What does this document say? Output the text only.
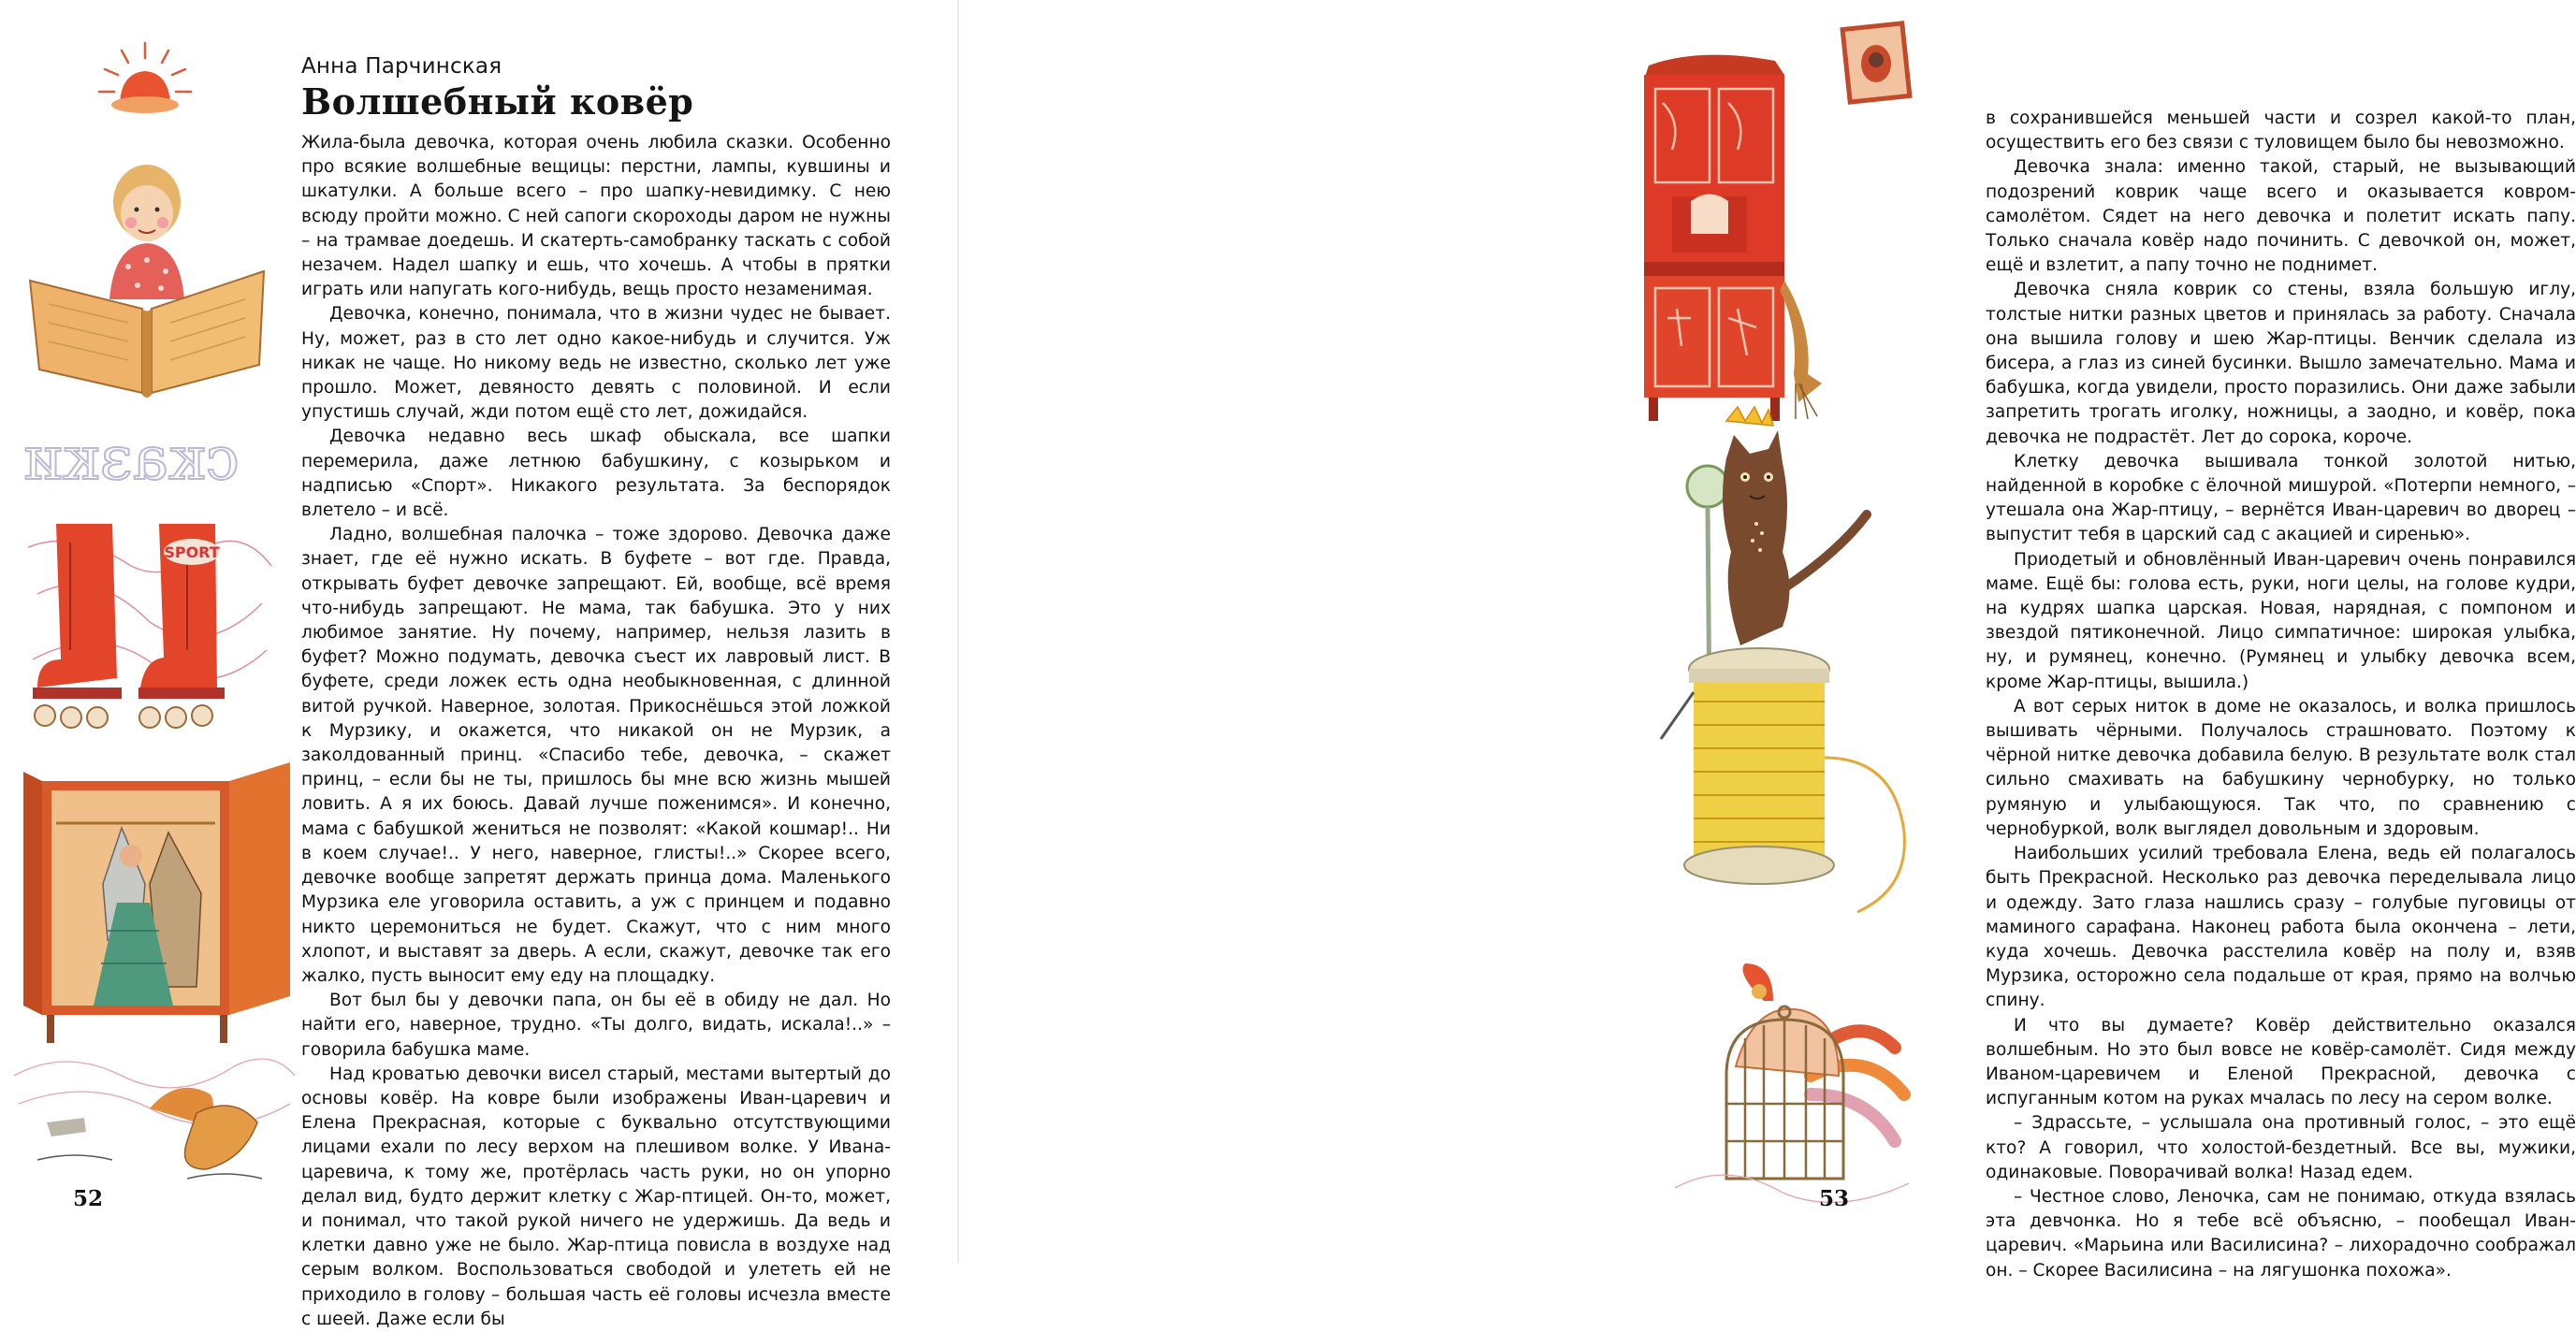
сказки
SPORT
Анна Парчинская
Волшебный ковёр

Жила-была девочка, которая очень любила сказки. Особенно про всякие волшебные вещицы: перстни, лампы, кувшины и шкатулки. А больше всего – про шапку-невидимку. С нею всюду пройти можно. С ней сапоги скороходы даром не нужны – на трамвае доедешь. И скатерть-самобранку таскать с собой незачем. Надел шапку и ешь, что хочешь. А чтобы в прятки играть или напугать кого-нибудь, вещь просто незаменимая.

Девочка, конечно, понимала, что в жизни чудес не бывает. Ну, может, раз в сто лет одно какое-нибудь и случится. Уж никак не чаще. Но никому ведь не известно, сколько лет уже прошло. Может, девяносто девять с половиной. И если упустишь случай, жди потом ещё сто лет, дожидайся.

Девочка недавно весь шкаф обыскала, все шапки перемерила, даже летнюю бабушкину, с козырьком и надписью «Спорт». Никакого результата. За беспорядок влетело – и всё.

Ладно, волшебная палочка – тоже здорово. Девочка даже знает, где её нужно искать. В буфете – вот где. Правда, открывать буфет девочке запрещают. Ей, вообще, всё время что-нибудь запрещают. Не мама, так бабушка. Это у них любимое занятие. Ну почему, например, нельзя лазить в буфет? Можно подумать, девочка съест их лавровый лист. В буфете, среди ложек есть одна необыкновенная, с длинной витой ручкой. Наверное, золотая. Прикоснёшься этой ложкой к Мурзику, и окажется, что никакой он не Мурзик, а заколдованный принц. «Спасибо тебе, девочка, – скажет принц, – если бы не ты, пришлось бы мне всю жизнь мышей ловить. А я их боюсь. Давай лучше поженимся». И конечно, мама с бабушкой жениться не позволят: «Какой кошмар!.. Ни в коем случае!.. У него, наверное, глисты!..» Скорее всего, девочке вообще запретят держать принца дома. Маленького Мурзика еле уговорила оставить, а уж с принцем и подавно никто церемониться не будет. Скажут, что с ним много хлопот, и выставят за дверь. А если, скажут, девочке так его жалко, пусть выносит ему еду на площадку.

Вот был бы у девочки папа, он бы её в обиду не дал. Но найти его, наверное, трудно. «Ты долго, видать, искала!..» – говорила бабушка маме.

Над кроватью девочки висел старый, местами вытертый до основы ковёр. На ковре были изображены Иван-царевич и Елена Прекрасная, которые с буквально отсутствующими лицами ехали по лесу верхом на плешивом волке. У Ивана-царевича, к тому же, протёрлась часть руки, но он упорно делал вид, будто держит клетку с Жар-птицей. Он-то, может, и понимал, что такой рукой ничего не удержишь. Да ведь и клетки давно уже не было. Жар-птица повисла в воздухе над серым волком. Воспользоваться свободой и улететь ей не приходило в голову – большая часть её головы исчезла вместе с шеей. Даже если бы

52

в сохранившейся меньшей части и созрел какой-то план, осуществить его без связи с туловищем было бы невозможно.

Девочка знала: именно такой, старый, не вызывающий подозрений коврик чаще всего и оказывается ковром-самолётом. Сядет на него девочка и полетит искать папу. Только сначала ковёр надо починить. С девочкой он, может, ещё и взлетит, а папу точно не поднимет.

Девочка сняла коврик со стены, взяла большую иглу, толстые нитки разных цветов и принялась за работу. Сначала она вышила голову и шею Жар-птицы. Венчик сделала из бисера, а глаз из синей бусинки. Вышло замечательно. Мама и бабушка, когда увидели, просто поразились. Они даже забыли запретить трогать иголку, ножницы, а заодно, и ковёр, пока девочка не подрастёт. Лет до сорока, короче.

Клетку девочка вышивала тонкой золотой нитью, найденной в коробке с ёлочной мишурой. «Потерпи немного, – утешала она Жар-птицу, – вернётся Иван-царевич во дворец – выпустит тебя в царский сад с акацией и сиренью».

Приодетый и обновлённый Иван-царевич очень понравился маме. Ещё бы: голова есть, руки, ноги целы, на голове кудри, на кудрях шапка царская. Новая, нарядная, с помпоном и звездой пятиконечной. Лицо симпатичное: широкая улыбка, ну, и румянец, конечно. (Румянец и улыбку девочка всем, кроме Жар-птицы, вышила.)

А вот серых ниток в доме не оказалось, и волка пришлось вышивать чёрными. Получалось страшновато. Поэтому к чёрной нитке девочка добавила белую. В результате волк стал сильно смахивать на бабушкину чернобурку, но только румяную и улыбающуюся. Так что, по сравнению с чернобуркой, волк выглядел довольным и здоровым.

Наибольших усилий требовала Елена, ведь ей полагалось быть Прекрасной. Несколько раз девочка переделывала лицо и одежду. Зато глаза нашлись сразу – голубые пуговицы от маминого сарафана. Наконец работа была окончена – лети, куда хочешь. Девочка расстелила ковёр на полу и, взяв Мурзика, осторожно села подальше от края, прямо на волчью спину.

И что вы думаете? Ковёр действительно оказался волшебным. Но это был вовсе не ковёр-самолёт. Сидя между Иваном-царевичем и Еленой Прекрасной, девочка с испуганным котом на руках мчалась по лесу на сером волке.

– Здрассьте, – услышала она противный голос, – это ещё кто? А говорил, что холостой-бездетный. Все вы, мужики, одинаковые. Поворачивай волка! Назад едем.

– Честное слово, Леночка, сам не понимаю, откуда взялась эта девчонка. Но я тебе всё объясню, – пообещал Иван-царевич. «Марьина или Василисина? – лихорадочно соображал он. – Скорее Василисина – на лягушонка похожа».

53
